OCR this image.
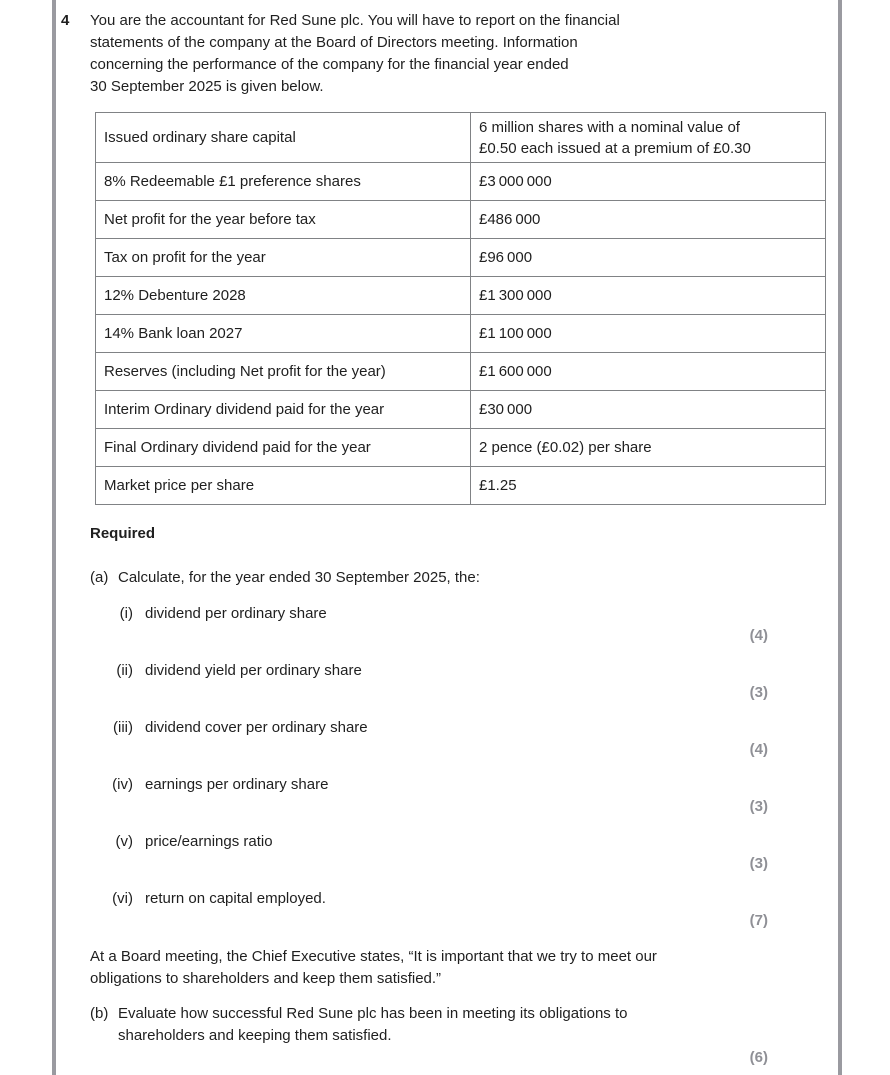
4 You are the accountant for Red Sune plc. You will have to report on the financial
statements of the company at the Board of Directors meeting. Information
concerning the performance of the company for the financial year ended
30 September 2025 is given below.
Issued ordinary share capital	6 million shares with a nominal value of
£0.50 each issued at a premium of £0.30

8% Redeemable £1 preference shares	£3 000 000
Net profit for the year before tax	£486 000
Tax on profit for the year	£96 000
12% Debenture 2028	£1 300 000
14% Bank loan 2027	£1 100 000
Reserves (including Net profit for the year)	£1 600 000
Interim Ordinary dividend paid for the year	£30 000
Final Ordinary dividend paid for the year	2 pence (£0.02) per share
Market price per share	£1.25
Required
(a) Calculate, for the year ended 30 September 2025, the:
(i) dividend per ordinary share
(4)
(ii) dividend yield per ordinary share
(3)
(iii) dividend cover per ordinary share
(4)
(iv) earnings per ordinary share
(3)
(v) price/earnings ratio
(3)
(vi) return on capital employed.
(7)
At a Board meeting, the Chief Executive states, “It is important that we try to meet our
obligations to shareholders and keep them satisfied.”
(b) Evaluate how successful Red Sune plc has been in meeting its obligations to
shareholders and keeping them satisfied.
(6)
